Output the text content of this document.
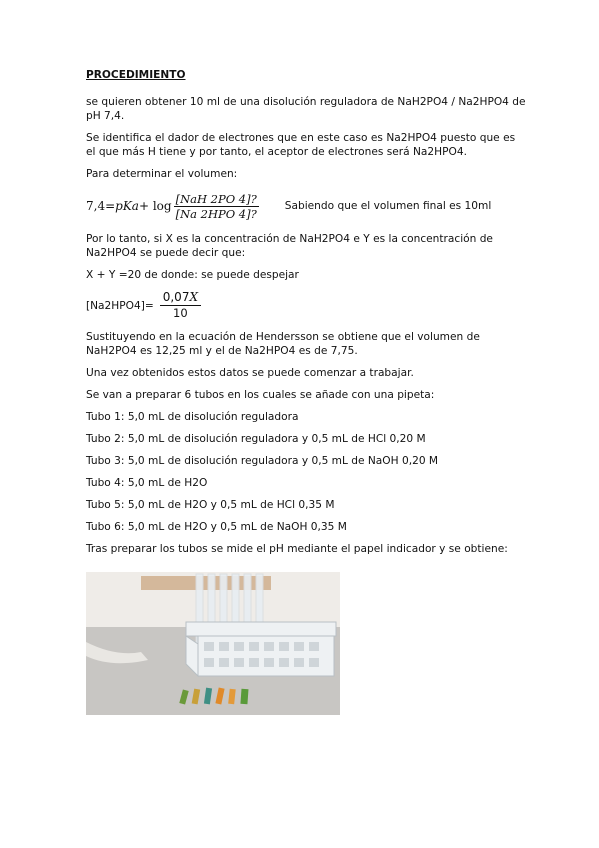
PROCEDIMIENTO

se quieren obtener 10 ml de una disolución reguladora de NaH2PO4 / Na2HPO4 de pH 7,4.

Se identifica el dador de electrones que en este caso es Na2HPO4 puesto que es el que más H tiene y por tanto, el aceptor de electrones será Na2HPO4.

Para determinar el volumen:

7,4= pKa + $\log \frac{\text{[NaH 2PO 4]?}}{\text{[Na 2HPO 4]?}}$ Sabiendo que el volumen final es 10ml

Por lo tanto, si X es la concentración de NaH2PO4 e Y es la concentración de Na2HPO4 se puede decir que:

X + Y =20 de donde: se puede despejar

$[Na2HPO4]= \frac{0,07X}{10}$

Sustituyendo en la ecuación de Hendersson se obtiene que el volumen de NaH2PO4 es 12,25 ml y el de Na2HPO4 es de 7,75.

Una vez obtenidos estos datos se puede comenzar a trabajar.

Se van a preparar 6 tubos en los cuales se añade con una pipeta:

Tubo 1: 5,0 mL de disolución reguladora
Tubo 2: 5,0 mL de disolución reguladora y 0,5 mL de HCl 0,20 M
Tubo 3: 5,0 mL de disolución reguladora y 0,5 mL de NaOH 0,20 M
Tubo 4: 5,0 mL de H2O
Tubo 5: 5,0 mL de H2O y 0,5 mL de HCl 0,35 M
Tubo 6: 5,0 mL de H2O y 0,5 mL de NaOH 0,35 M

Tras preparar los tubos se mide el pH mediante el papel indicador y se obtiene:
